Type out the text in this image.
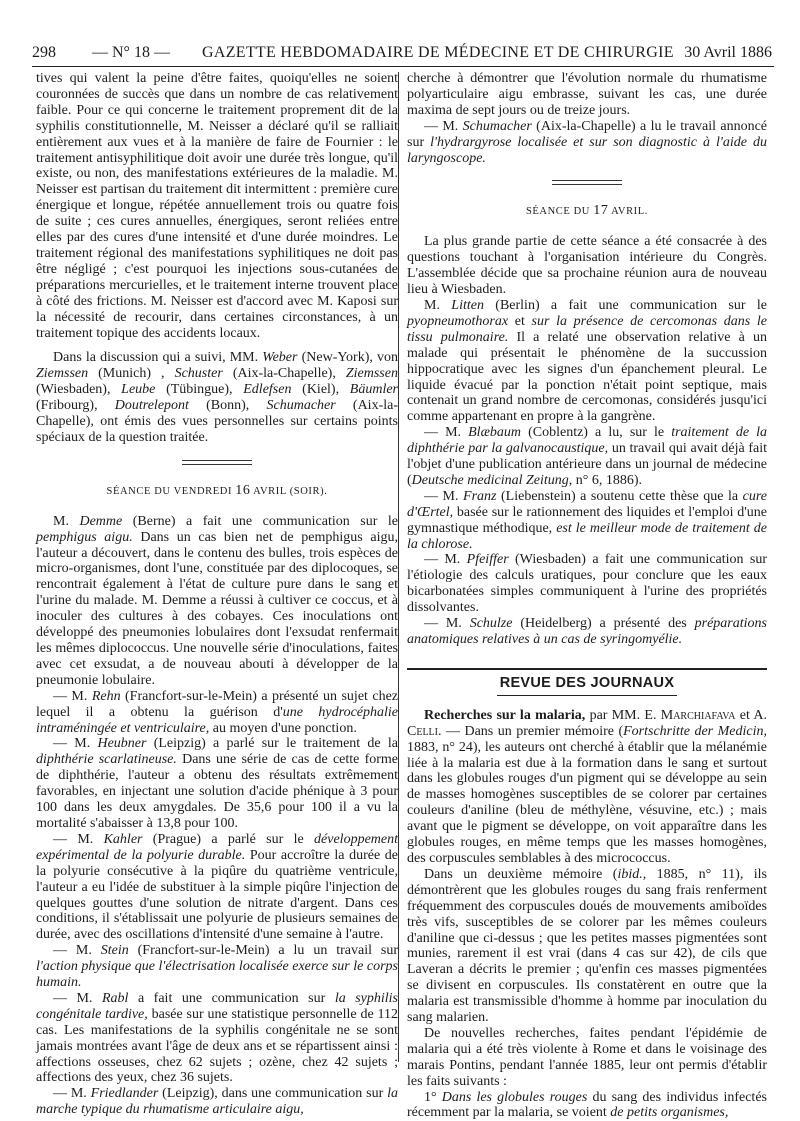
298 — N° 18 — GAZETTE HEBDOMADAIRE DE MÉDECINE ET DE CHIRURGIE 30 Avril 1886

tives qui valent la peine d'être faites, quoiqu'elles ne soient couronnées de succès que dans un nombre de cas relativement faible. Pour ce qui concerne le traitement proprement dit de la syphilis constitutionnelle, M. Neisser a déclaré qu'il se ralliait entièrement aux vues et à la manière de faire de Fournier : le traitement antisyphilitique doit avoir une durée très longue, qu'il existe, ou non, des manifestations extérieures de la maladie. M. Neisser est partisan du traitement dit intermittent : première cure énergique et longue, répétée annuellement trois ou quatre fois de suite ; ces cures annuelles, énergiques, seront reliées entre elles par des cures d'une intensité et d'une durée moindres. Le traitement régional des manifestations syphilitiques ne doit pas être négligé ; c'est pourquoi les injections sous-cutanées de préparations mercurielles, et le traitement interne trouvent place à côté des frictions. M. Neisser est d'accord avec M. Kaposi sur la nécessité de recourir, dans certaines circonstances, à un traitement topique des accidents locaux.

Dans la discussion qui a suivi, MM. Weber (New-York), von Ziemssen (Munich) , Schuster (Aix-la-Chapelle), Ziemssen (Wiesbaden), Leube (Tübingue), Edlefsen (Kiel), Bäumler (Fribourg), Doutrelepont (Bonn), Schumacher (Aix-la-Chapelle), ont émis des vues personnelles sur certains points spéciaux de la question traitée.

SÉANCE DU VENDREDI 16 AVRIL (SOIR).

M. Demme (Berne) a fait une communication sur le pemphigus aigu. Dans un cas bien net de pemphigus aigu, l'auteur a découvert, dans le contenu des bulles, trois espèces de micro-organismes, dont l'une, constituée par des diplocoques, se rencontrait également à l'état de culture pure dans le sang et l'urine du malade. M. Demme a réussi à cultiver ce coccus, et à inoculer des cultures à des cobayes. Ces inoculations ont développé des pneumonies lobulaires dont l'exsudat renfermait les mêmes diplococcus. Une nouvelle série d'inoculations, faites avec cet exsudat, a de nouveau abouti à développer de la pneumonie lobulaire.

— M. Rehn (Francfort-sur-le-Mein) a présenté un sujet chez lequel il a obtenu la guérison d'une hydrocéphalie intraméningée et ventriculaire, au moyen d'une ponction.

— M. Heubner (Leipzig) a parlé sur le traitement de la diphthérie scarlatineuse. Dans une série de cas de cette forme de diphthérie, l'auteur a obtenu des résultats extrêmement favorables, en injectant une solution d'acide phénique à 3 pour 100 dans les deux amygdales. De 35,6 pour 100 il a vu la mortalité s'abaisser à 13,8 pour 100.

— M. Kahler (Prague) a parlé sur le développement expérimental de la polyurie durable. Pour accroître la durée de la polyurie consécutive à la piqûre du quatrième ventricule, l'auteur a eu l'idée de substituer à la simple piqûre l'injection de quelques gouttes d'une solution de nitrate d'argent. Dans ces conditions, il s'établissait une polyurie de plusieurs semaines de durée, avec des oscillations d'intensité d'une semaine à l'autre.

— M. Stein (Francfort-sur-le-Mein) a lu un travail sur l'action physique que l'électrisation localisée exerce sur le corps humain.

— M. Rabl a fait une communication sur la syphilis congénitale tardive, basée sur une statistique personnelle de 112 cas. Les manifestations de la syphilis congénitale ne se sont jamais montrées avant l'âge de deux ans et se répartissent ainsi : affections osseuses, chez 62 sujets ; ozène, chez 42 sujets ; affections des yeux, chez 36 sujets.

— M. Friedlander (Leipzig), dans une communication sur la marche typique du rhumatisme articulaire aigu,

cherche à démontrer que l'évolution normale du rhumatisme polyarticulaire aigu embrasse, suivant les cas, une durée maxima de sept jours ou de treize jours.

— M. Schumacher (Aix-la-Chapelle) a lu le travail annoncé sur l'hydrargyrose localisée et sur son diagnostic à l'aide du laryngoscope.

SÉANCE DU 17 AVRIL.

La plus grande partie de cette séance a été consacrée à des questions touchant à l'organisation intérieure du Congrès. L'assemblée décide que sa prochaine réunion aura de nouveau lieu à Wiesbaden.

M. Litten (Berlin) a fait une communication sur le pyopneumothorax et sur la présence de cercomonas dans le tissu pulmonaire. Il a relaté une observation relative à un malade qui présentait le phénomène de la succussion hippocratique avec les signes d'un épanchement pleural. Le liquide évacué par la ponction n'était point septique, mais contenait un grand nombre de cercomonas, considérés jusqu'ici comme appartenant en propre à la gangrène.

— M. Blæbaum (Coblentz) a lu, sur le traitement de la diphthérie par la galvanocaustique, un travail qui avait déjà fait l'objet d'une publication antérieure dans un journal de médecine (Deutsche medicinal Zeitung, n° 6, 1886).

— M. Franz (Liebenstein) a soutenu cette thèse que la cure d'Œrtel, basée sur le rationnement des liquides et l'emploi d'une gymnastique méthodique, est le meilleur mode de traitement de la chlorose.

— M. Pfeiffer (Wiesbaden) a fait une communication sur l'étiologie des calculs uratiques, pour conclure que les eaux bicarbonatées simples communiquent à l'urine des propriétés dissolvantes.

— M. Schulze (Heidelberg) a présenté des préparations anatomiques relatives à un cas de syringomyélie.

REVUE DES JOURNAUX

Recherches sur la malaria, par MM. E. Marchiafava et A. Celli. — Dans un premier mémoire (Fortschritte der Medicin, 1883, n° 24), les auteurs ont cherché à établir que la mélanémie liée à la malaria est due à la formation dans le sang et surtout dans les globules rouges d'un pigment qui se développe au sein de masses homogènes susceptibles de se colorer par certaines couleurs d'aniline (bleu de méthylène, vésuvine, etc.) ; mais avant que le pigment se développe, on voit apparaître dans les globules rouges, en même temps que les masses homogènes, des corpuscules semblables à des micrococcus.

Dans un deuxième mémoire (ibid., 1885, n° 11), ils démontrèrent que les globules rouges du sang frais renferment fréquemment des corpuscules doués de mouvements amiboïdes très vifs, susceptibles de se colorer par les mêmes couleurs d'aniline que ci-dessus ; que les petites masses pigmentées sont munies, rarement il est vrai (dans 4 cas sur 42), de cils que Laveran a décrits le premier ; qu'enfin ces masses pigmentées se divisent en corpuscules. Ils constatèrent en outre que la malaria est transmissible d'homme à homme par inoculation du sang malarien.

De nouvelles recherches, faites pendant l'épidémie de malaria qui a été très violente à Rome et dans le voisinage des marais Pontins, pendant l'année 1885, leur ont permis d'établir les faits suivants :

1° Dans les globules rouges du sang des individus infectés récemment par la malaria, se voient de petits organismes,
